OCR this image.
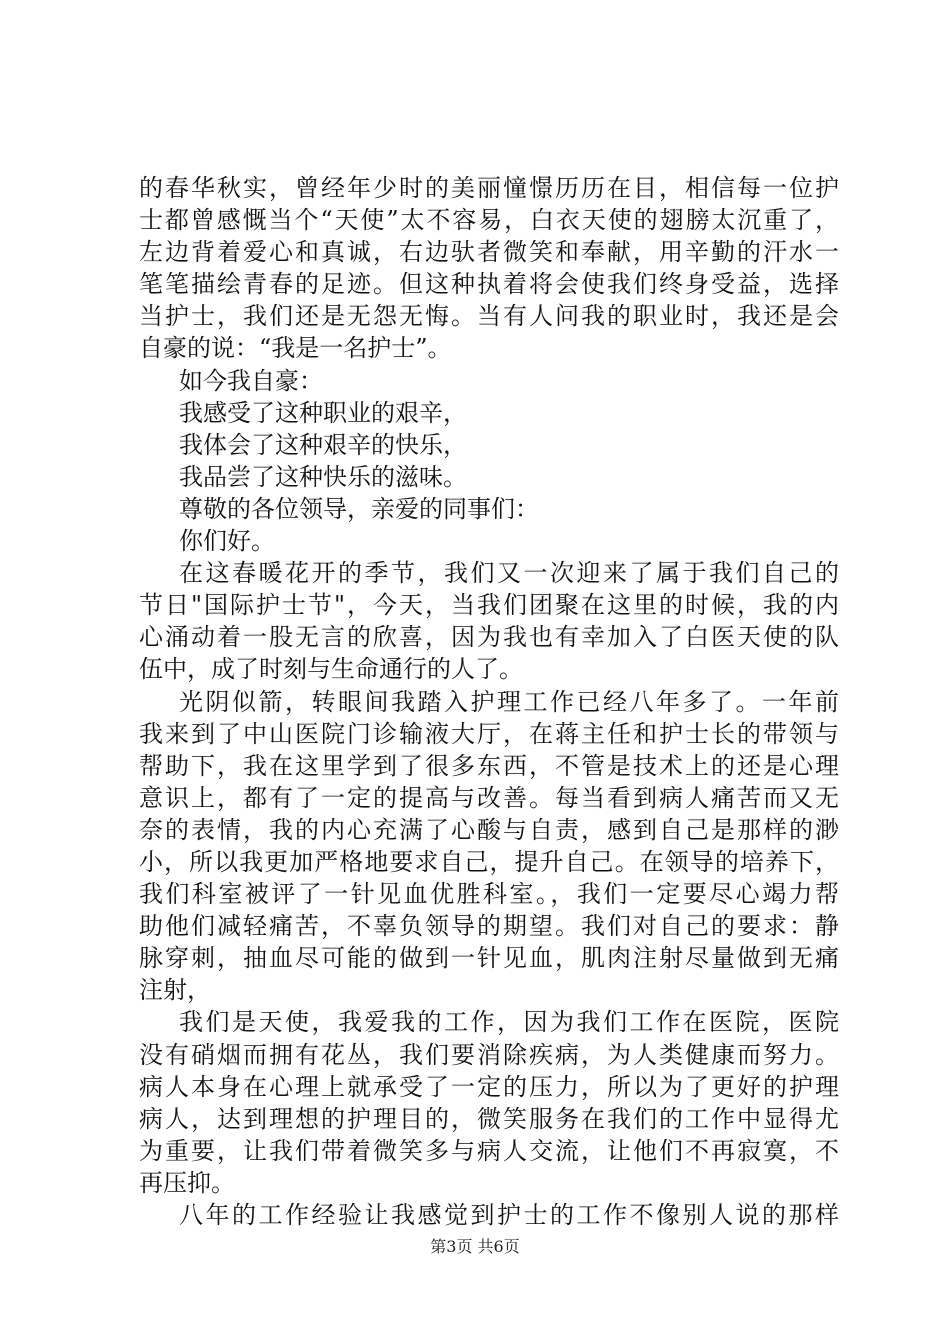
的春华秋实，曾经年少时的美丽憧憬历历在目，相信每一位护
士都曾感慨当个“天使”太不容易，白衣天使的翅膀太沉重了，
左边背着爱心和真诚，右边驮者微笑和奉献，用辛勤的汗水一
笔笔描绘青春的足迹。但这种执着将会使我们终身受益，选择
当护士，我们还是无怨无悔。当有人问我的职业时，我还是会
自豪的说：“我是一名护士”。
如今我自豪：
我感受了这种职业的艰辛，
我体会了这种艰辛的快乐，
我品尝了这种快乐的滋味。
尊敬的各位领导，亲爱的同事们：
你们好。
在这春暖花开的季节，我们又一次迎来了属于我们自己的
节日"国际护士节"，今天，当我们团聚在这里的时候，我的内
心涌动着一股无言的欣喜，因为我也有幸加入了白医天使的队
伍中，成了时刻与生命通行的人了。
光阴似箭，转眼间我踏入护理工作已经八年多了。一年前
我来到了中山医院门诊输液大厅，在蒋主任和护士长的带领与
帮助下，我在这里学到了很多东西，不管是技术上的还是心理
意识上，都有了一定的提高与改善。每当看到病人痛苦而又无
奈的表情，我的内心充满了心酸与自责，感到自己是那样的渺
小，所以我更加严格地要求自己，提升自己。在领导的培养下，
我们科室被评了一针见血优胜科室。，我们一定要尽心竭力帮
助他们减轻痛苦，不辜负领导的期望。我们对自己的要求：静
脉穿刺，抽血尽可能的做到一针见血，肌肉注射尽量做到无痛
注射，
我们是天使，我爱我的工作，因为我们工作在医院，医院
没有硝烟而拥有花丛，我们要消除疾病，为人类健康而努力。
病人本身在心理上就承受了一定的压力，所以为了更好的护理
病人，达到理想的护理目的，微笑服务在我们的工作中显得尤
为重要，让我们带着微笑多与病人交流，让他们不再寂寞，不
再压抑。
八年的工作经验让我感觉到护士的工作不像别人说的那样
第3页 共6页
